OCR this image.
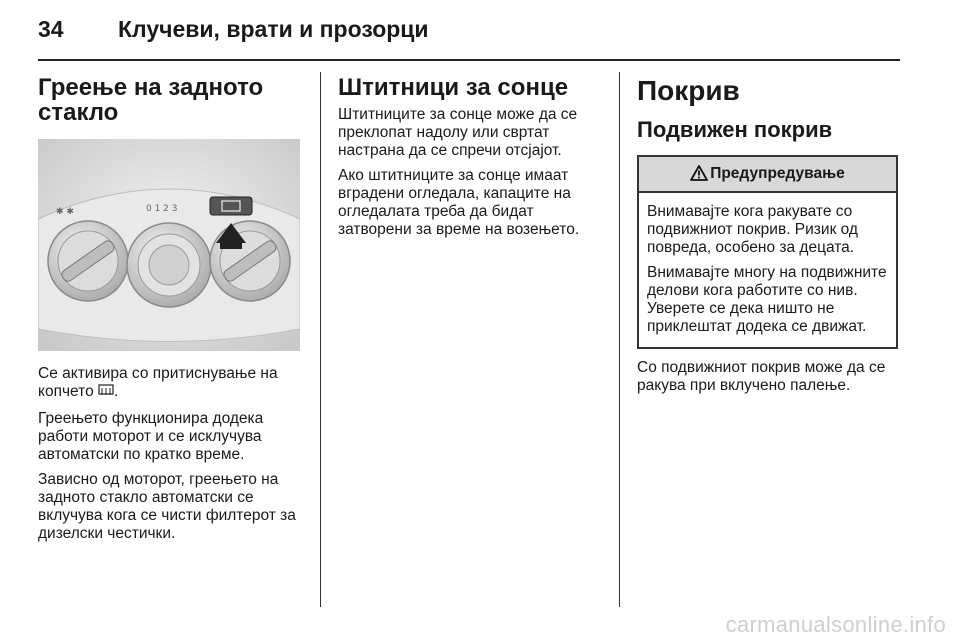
34 Клучеви, врати и прозорци
Греење на задното стакло
✱ ✱	0 1 2 3

Се активира со притиснување на копчето .

Греењето функционира додека работи моторот и се исклучува автоматски по кратко време.

Зависно од моторот, греењето на задното стакло автоматски се вклучува кога се чисти филтерот за дизелски честички.

Штитници за сонце

Штитниците за сонце може да се преклопат надолу или свртат настрана да се спречи отсјајот.

Ако штитниците за сонце имаат вградени огледала, капаците на огледалата треба да бидат затворени за време на возењето.

Покрив
Подвижен покрив
Предупредување

Внимавајте кога ракувате со подвижниот покрив. Ризик од повреда, особено за децата.

Внимавајте многу на подвижните делови кога работите со нив. Уверете се дека ништо не приклештат додека се движат.

Со подвижниот покрив може да се ракува при вклучено палење.

carmanualsonline.info
